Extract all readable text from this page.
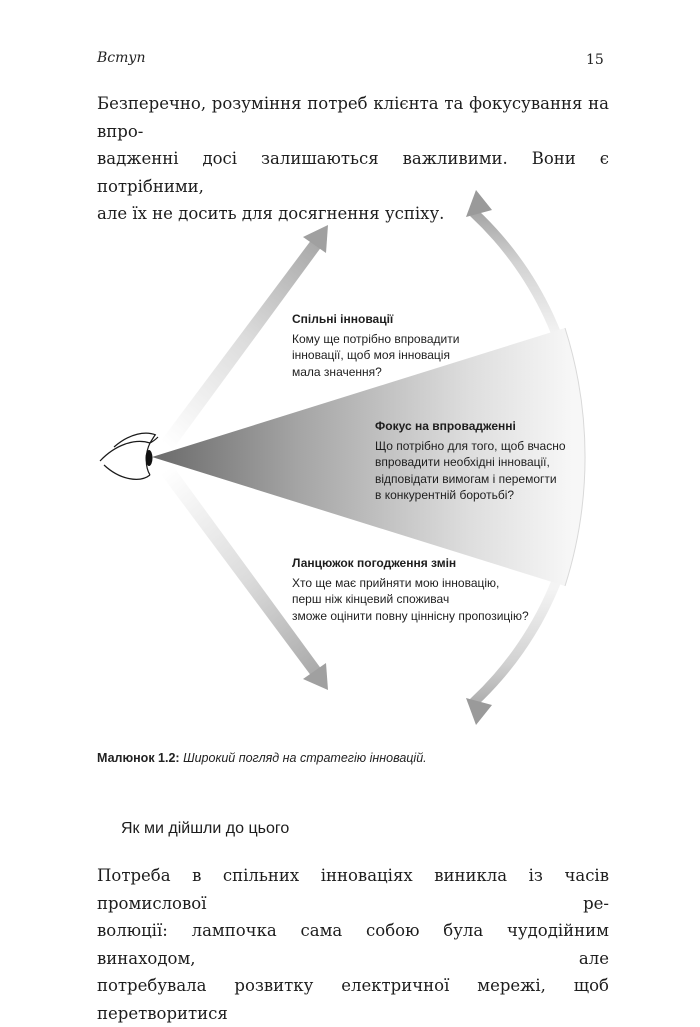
Вступ	15
Безперечно, розуміння потреб клієнта та фокусування на впро-
вадженні досі залишаються важливими. Вони є потрібними,
але їх не досить для досягнення успіху.
Спільні інновації
Кому ще потрібно впровадити
інновації, щоб моя інновація
мала значення?
Фокус на впровадженні
Що потрібно для того, щоб вчасно
впровадити необхідні інновації,
відповідати вимогам і перемогти
в конкурентній боротьбі?
Ланцюжок погодження змін
Хто ще має прийняти мою інновацію,
перш ніж кінцевий споживач
зможе оцінити повну ціннісну пропозицію?
Малюнок 1.2: Широкий погляд на стратегію інновацій.
Як ми дійшли до цього
Потреба в спільних інноваціях виникла із часів промислової ре-
волюції: лампочка сама собою була чудодійним винаходом, але
потребувала розвитку електричної мережі, щоб перетворитися
